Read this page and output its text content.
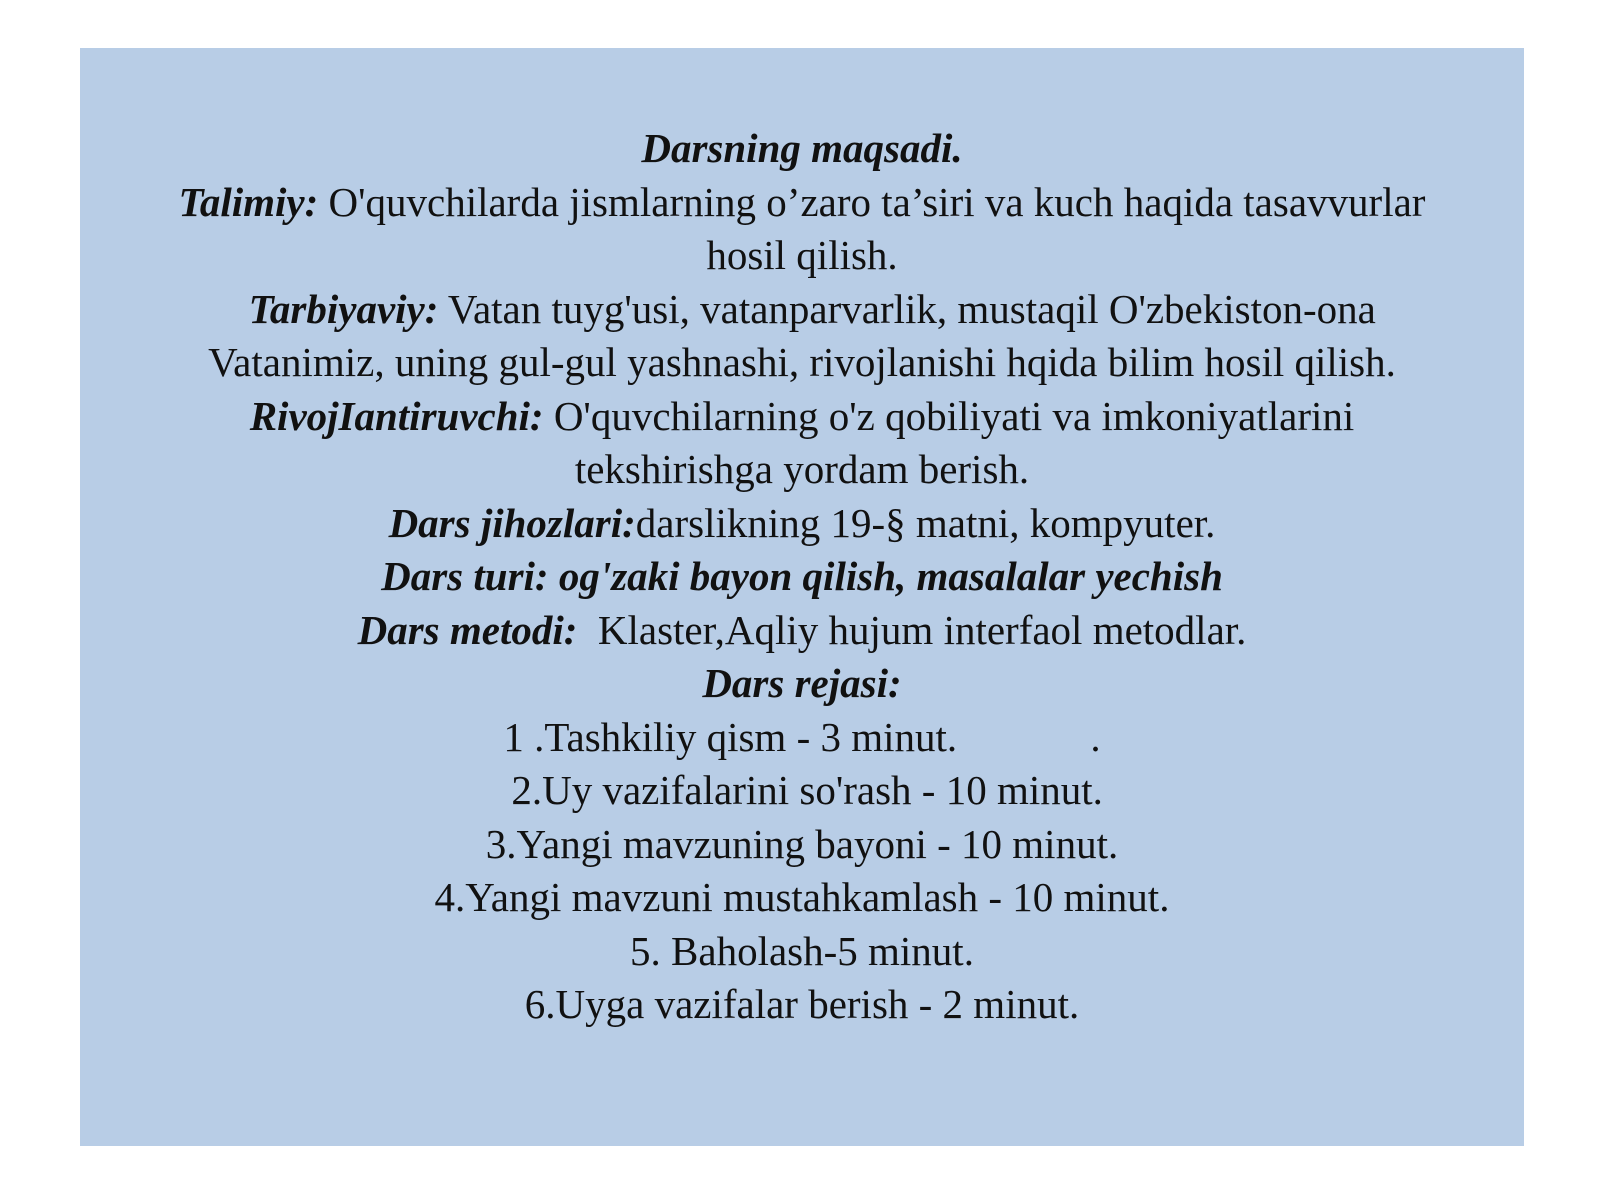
Darsning maqsadi.
Talimiy: O'quvchilarda jismlarning o’zaro ta’siri va kuch haqida tasavvurlar
hosil qilish.
Tarbiyaviy: Vatan tuyg'usi, vatanparvarlik, mustaqil O'zbekiston-ona
Vatanimiz, uning gul-gul yashnashi, rivojlanishi hqida bilim hosil qilish.
RivojIantiruvchi: O'quvchilarning o'z qobiliyati va imkoniyatlarini
tekshirishga yordam berish.
Dars jihozlari:darslikning 19-§ matni, kompyuter.
Dars turi: og'zaki bayon qilish, masalalar yechish
Dars metodi:  Klaster,Aqliy hujum interfaol metodlar.
Dars rejasi:
1 .Tashkiliy qism - 3 minut.             .
2.Uy vazifalarini so'rash - 10 minut.
3.Yangi mavzuning bayoni - 10 minut.
4.Yangi mavzuni mustahkamlash - 10 minut.
5. Baholash-5 minut.
6.Uyga vazifalar berish - 2 minut.
